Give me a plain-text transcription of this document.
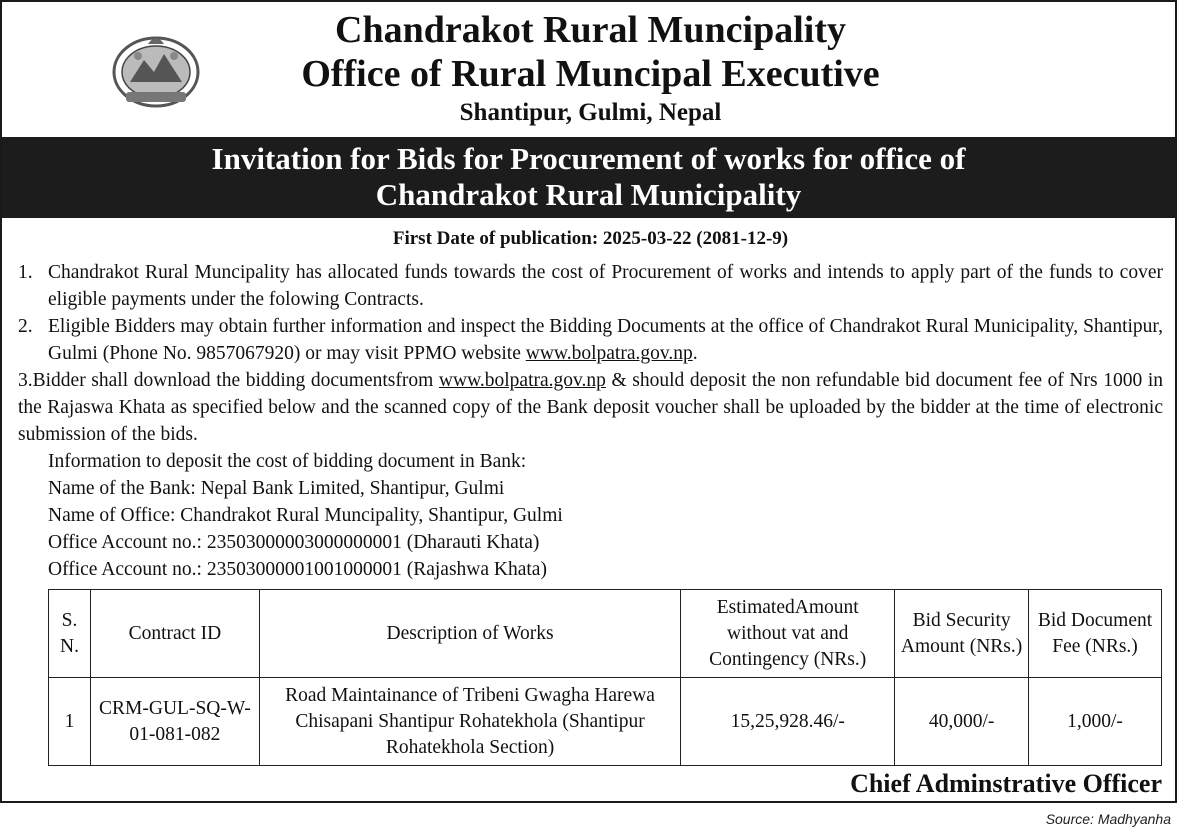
Chandrakot Rural Muncipality
Office of Rural Muncipal Executive
Shantipur, Gulmi, Nepal
Invitation for Bids for Procurement of works for office of
Chandrakot Rural Municipality
First Date of publication: 2025-03-22 (2081-12-9)
1. Chandrakot Rural Muncipality has allocated funds towards the cost of Procurement of works and intends to apply part of the funds to cover eligible payments under the folowing Contracts.
2. Eligible Bidders may obtain further information and inspect the Bidding Documents at the office of Chandrakot Rural Municipality, Shantipur, Gulmi (Phone No. 9857067920) or may visit PPMO website www.bolpatra.gov.np.
3.Bidder shall download the bidding documentsfrom www.bolpatra.gov.np & should deposit the non refundable bid document fee of Nrs 1000 in the Rajaswa Khata as specified below and the scanned copy of the Bank deposit voucher shall be uploaded by the bidder at the time of electronic submission of the bids.
Information to deposit the cost of bidding document in Bank:
Name of the Bank: Nepal Bank Limited, Shantipur, Gulmi
Name of Office: Chandrakot Rural Muncipality, Shantipur, Gulmi
Office Account no.: 23503000003000000001 (Dharauti Khata)
Office Account no.: 23503000001001000001 (Rajashwa Khata)
S. N.	Contract ID	Description of Works	EstimatedAmount without vat and Contingency (NRs.)	Bid Security Amount (NRs.)	Bid Document Fee (NRs.)
1	CRM-GUL-SQ-W-01-081-082	Road Maintainance of Tribeni Gwagha Harewa Chisapani Shantipur Rohatekhola (Shantipur Rohatekhola Section)	15,25,928.46/-	40,000/-	1,000/-
Chief Adminstrative Officer
Source: Madhyanha
